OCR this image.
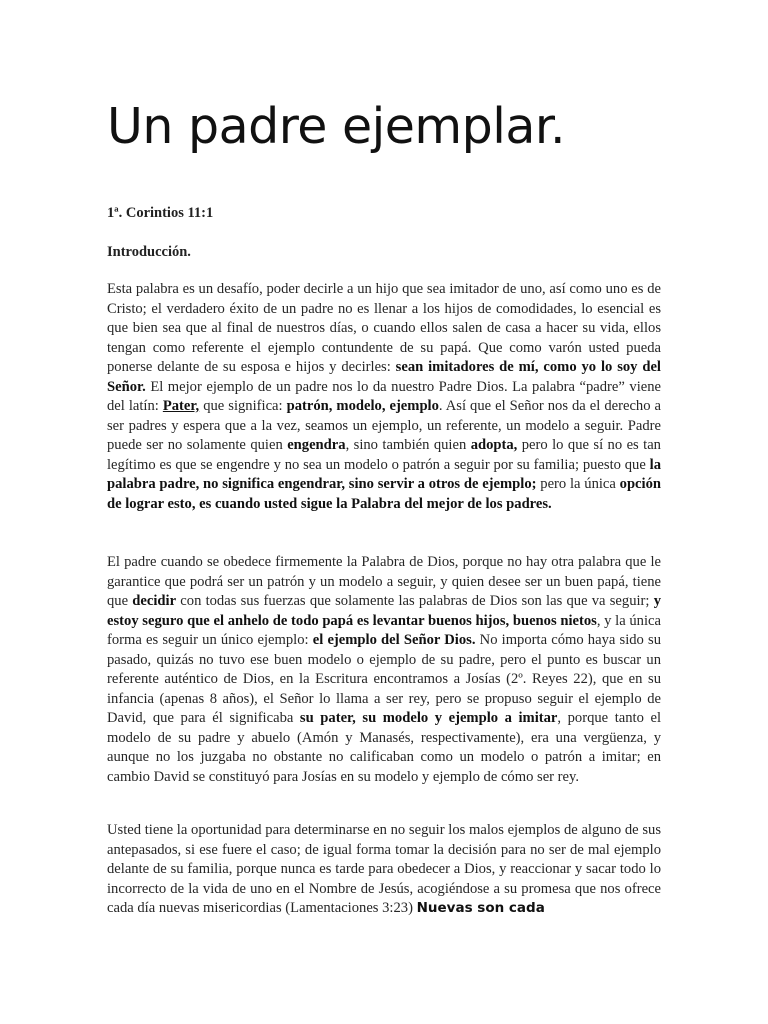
Un padre ejemplar.

1ª. Corintios 11:1

Introducción.

Esta palabra es un desafío, poder decirle a un hijo que sea imitador de uno, así como uno es de Cristo; el verdadero éxito de un padre no es llenar a los hijos de comodidades, lo esencial es que bien sea que al final de nuestros días, o cuando ellos salen de casa a hacer su vida, ellos tengan como referente el ejemplo contundente de su papá. Que como varón usted pueda ponerse delante de su esposa e hijos y decirles: sean imitadores de mí, como yo lo soy del Señor. El mejor ejemplo de un padre nos lo da nuestro Padre Dios. La palabra “padre” viene del latín: Pater, que significa: patrón, modelo, ejemplo. Así que el Señor nos da el derecho a ser padres y espera que a la vez, seamos un ejemplo, un referente, un modelo a seguir. Padre puede ser no solamente quien engendra, sino también quien adopta, pero lo que sí no es tan legítimo es que se engendre y no sea un modelo o patrón a seguir por su familia; puesto que la palabra padre, no significa engendrar, sino servir a otros de ejemplo; pero la única opción de lograr esto, es cuando usted sigue la Palabra del mejor de los padres.

El padre cuando se obedece firmemente la Palabra de Dios, porque no hay otra palabra que le garantice que podrá ser un patrón y un modelo a seguir, y quien desee ser un buen papá, tiene que decidir con todas sus fuerzas que solamente las palabras de Dios son las que va seguir; y estoy seguro que el anhelo de todo papá es levantar buenos hijos, buenos nietos, y la única forma es seguir un único ejemplo: el ejemplo del Señor Dios. No importa cómo haya sido su pasado, quizás no tuvo ese buen modelo o ejemplo de su padre, pero el punto es buscar un referente auténtico de Dios, en la Escritura encontramos a Josías (2º. Reyes 22), que en su infancia (apenas 8 años), el Señor lo llama a ser rey, pero se propuso seguir el ejemplo de David, que para él significaba su pater, su modelo y ejemplo a imitar, porque tanto el modelo de su padre y abuelo (Amón y Manasés, respectivamente), era una vergüenza, y aunque no los juzgaba no obstante no calificaban como un modelo o patrón a imitar; en cambio David se constituyó para Josías en su modelo y ejemplo de cómo ser rey.

Usted tiene la oportunidad para determinarse en no seguir los malos ejemplos de alguno de sus antepasados, si ese fuere el caso; de igual forma tomar la decisión para no ser de mal ejemplo delante de su familia, porque nunca es tarde para obedecer a Dios, y reaccionar y sacar todo lo incorrecto de la vida de uno en el Nombre de Jesús, acogiéndose a su promesa que nos ofrece cada día nuevas misericordias (Lamentaciones 3:23) Nuevas son cada
